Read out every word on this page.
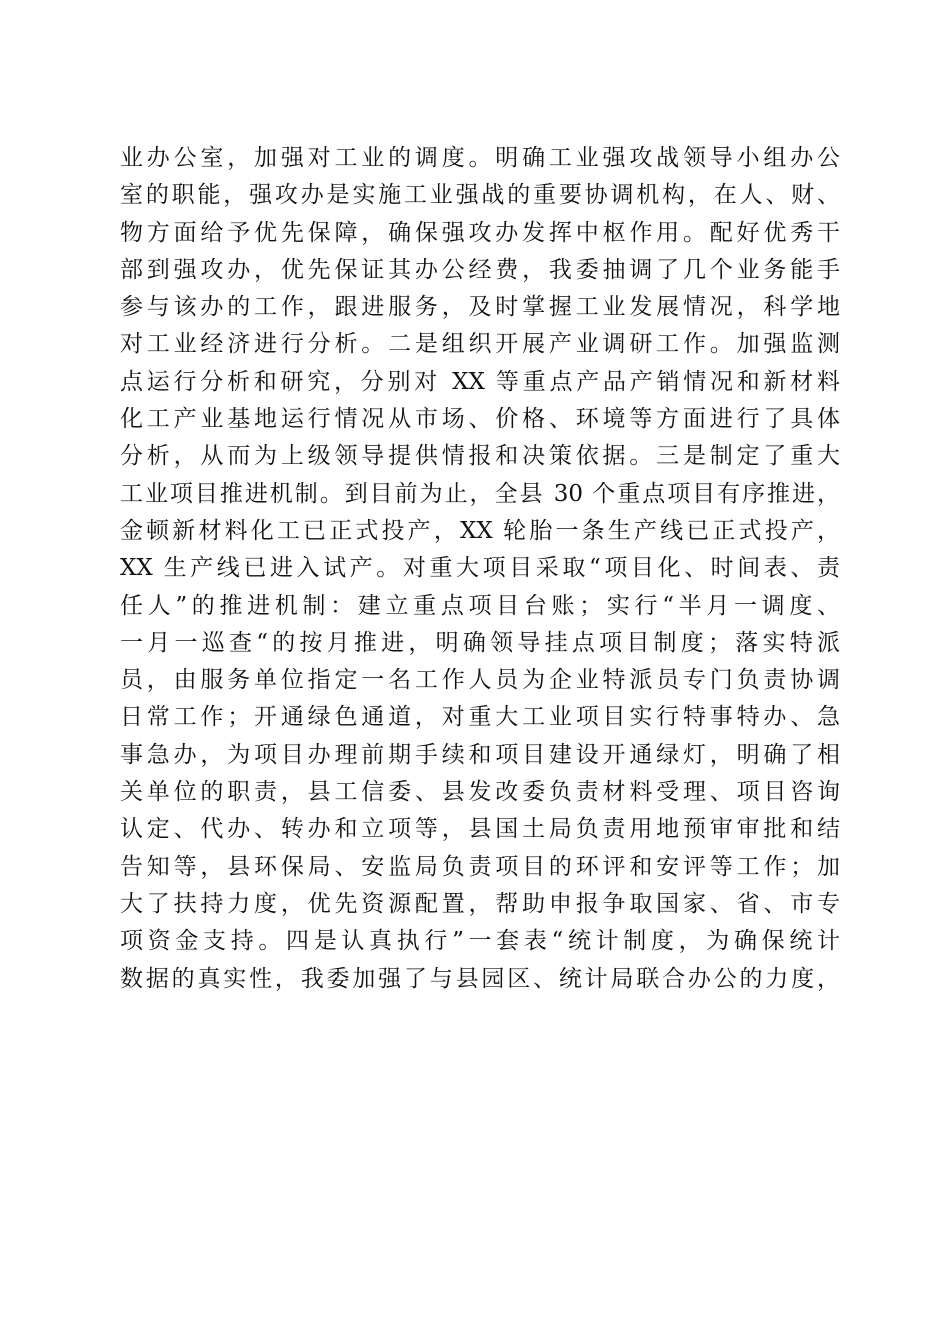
业办公室，加强对工业的调度。明确工业强攻战领导小组办公
室的职能，强攻办是实施工业强战的重要协调机构，在人、财、
物方面给予优先保障，确保强攻办发挥中枢作用。配好优秀干
部到强攻办，优先保证其办公经费，我委抽调了几个业务能手
参与该办的工作，跟进服务，及时掌握工业发展情况，科学地
对工业经济进行分析。二是组织开展产业调研工作。加强监测
点运行分析和研究，分别对 XX 等重点产品产销情况和新材料
化工产业基地运行情况从市场、价格、环境等方面进行了具体
分析，从而为上级领导提供情报和决策依据。三是制定了重大
工业项目推进机制。到目前为止，全县 30 个重点项目有序推进，
金顿新材料化工已正式投产，XX 轮胎一条生产线已正式投产，
XX 生产线已进入试产。对重大项目采取“项目化、时间表、责
任人”的推进机制：建立重点项目台账；实行“半月一调度、
一月一巡查“的按月推进，明确领导挂点项目制度；落实特派
员，由服务单位指定一名工作人员为企业特派员专门负责协调
日常工作；开通绿色通道，对重大工业项目实行特事特办、急
事急办，为项目办理前期手续和项目建设开通绿灯，明确了相
关单位的职责，县工信委、县发改委负责材料受理、项目咨询
认定、代办、转办和立项等，县国土局负责用地预审审批和结
告知等，县环保局、安监局负责项目的环评和安评等工作；加
大了扶持力度，优先资源配置，帮助申报争取国家、省、市专
项资金支持。四是认真执行”一套表“统计制度，为确保统计
数据的真实性，我委加强了与县园区、统计局联合办公的力度，
